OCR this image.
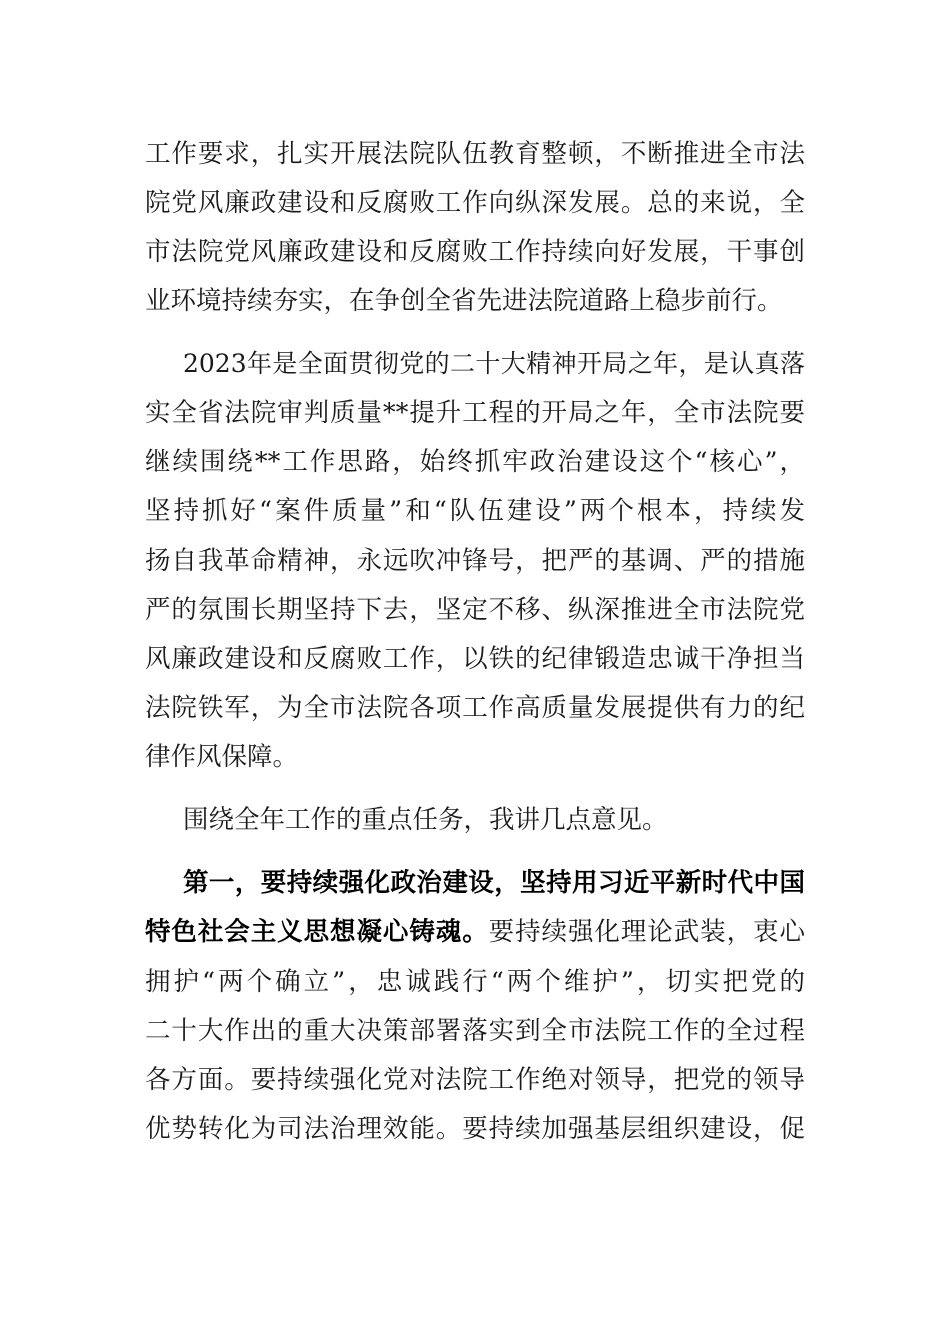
工作要求，扎实开展法院队伍教育整顿，不断推进全市法
院党风廉政建设和反腐败工作向纵深发展。总的来说，全
市法院党风廉政建设和反腐败工作持续向好发展，干事创
业环境持续夯实，在争创全省先进法院道路上稳步前行。
2023年是全面贯彻党的二十大精神开局之年，是认真落
实全省法院审判质量**提升工程的开局之年，全市法院要
继续围绕**工作思路，始终抓牢政治建设这个“核心”，
坚持抓好“案件质量”和“队伍建设”两个根本，持续发
扬自我革命精神，永远吹冲锋号，把严的基调、严的措施
严的氛围长期坚持下去，坚定不移、纵深推进全市法院党
风廉政建设和反腐败工作，以铁的纪律锻造忠诚干净担当
法院铁军，为全市法院各项工作高质量发展提供有力的纪
律作风保障。
围绕全年工作的重点任务，我讲几点意见。
第一，要持续强化政治建设，坚持用习近平新时代中国
特色社会主义思想凝心铸魂。要持续强化理论武装，衷心
拥护“两个确立”，忠诚践行“两个维护”，切实把党的
二十大作出的重大决策部署落实到全市法院工作的全过程
各方面。要持续强化党对法院工作绝对领导，把党的领导
优势转化为司法治理效能。要持续加强基层组织建设，促
